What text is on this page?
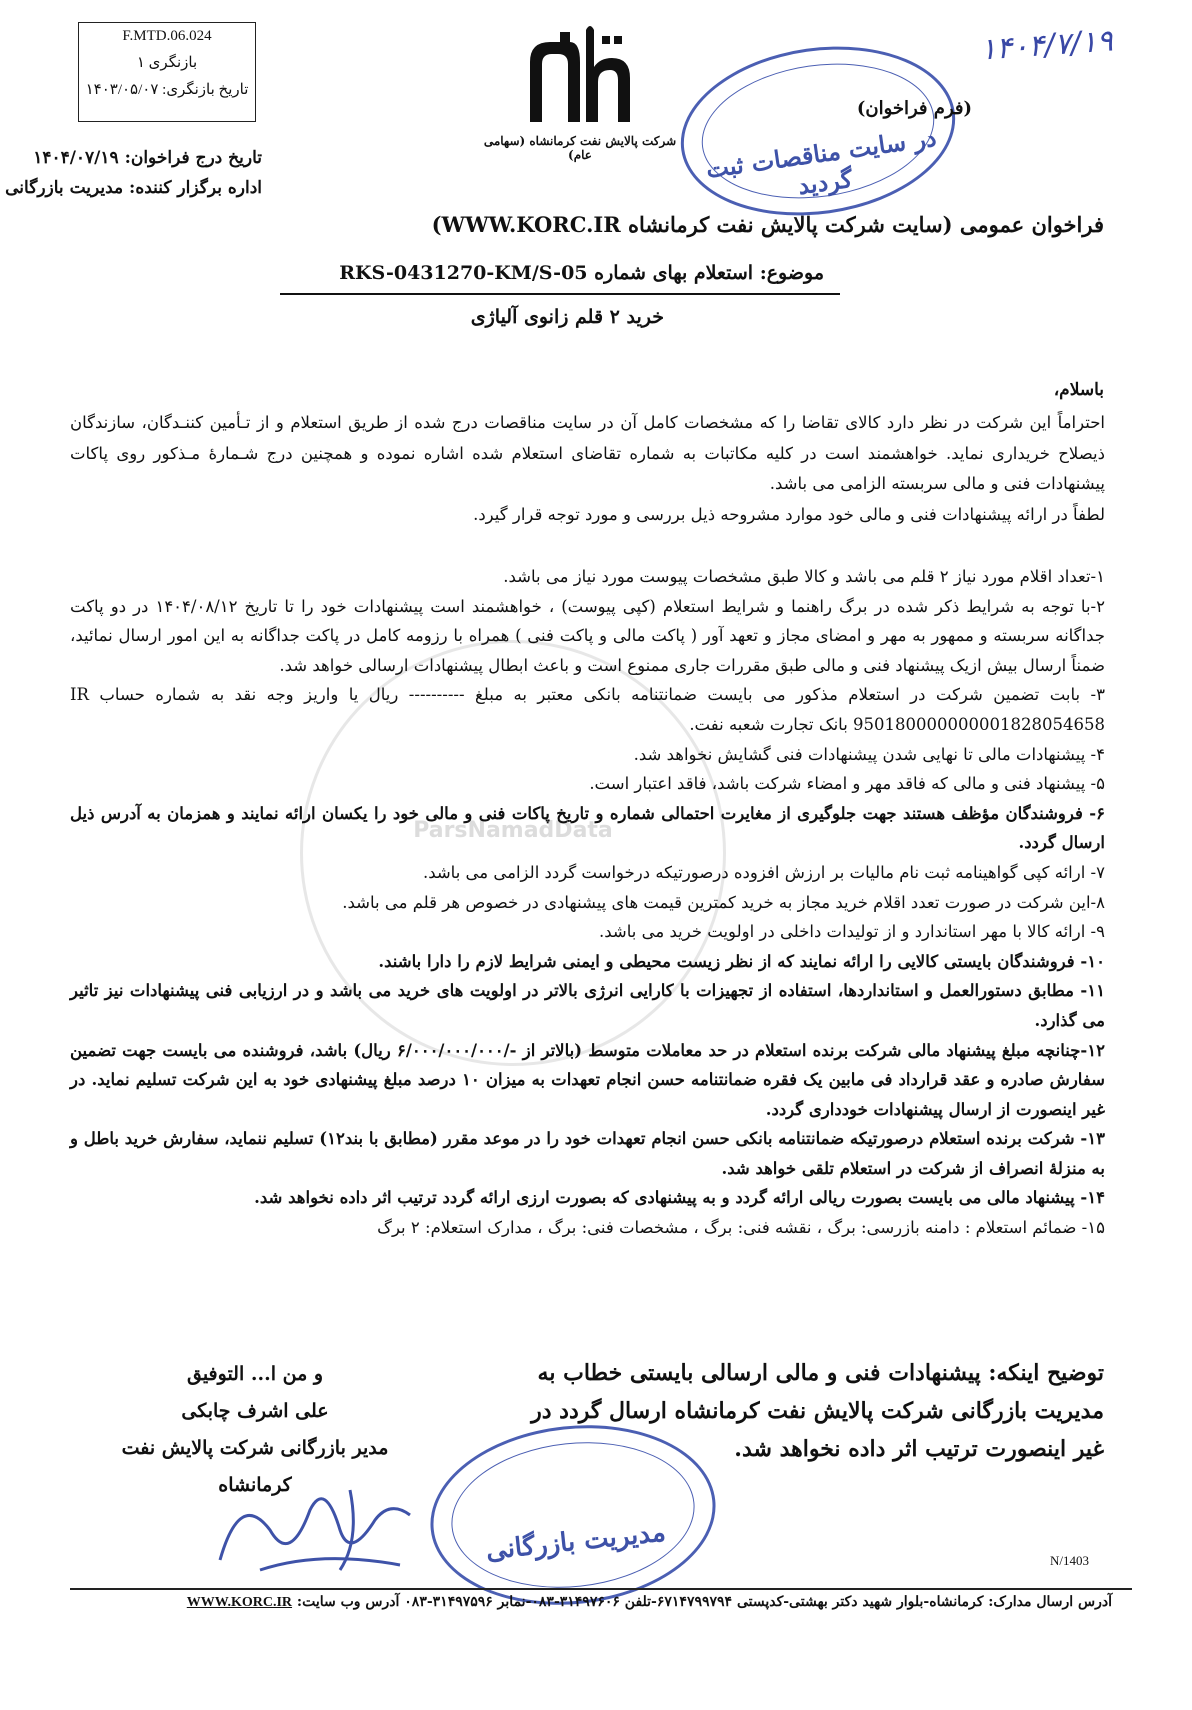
F.MTD.06.024
بازنگری ۱
تاریخ بازنگری: ۱۴۰۳/۰۵/۰۷
شرکت پالایش نفت کرمانشاه (سهامی عام)	در سایت مناقصات ثبت گردید
۱۴۰۴/۷/۱۹
(فرم فراخوان)
تاریخ درج فراخوان: ۱۴۰۴/۰۷/۱۹
اداره برگزار کننده: مدیریت بازرگانی
فراخوان عمومی (سایت شرکت پالایش نفت کرمانشاه WWW.KORC.IR)
موضوع: استعلام بهای شماره RKS-0431270-KM/S-05
خرید ۲ قلم زانوی آلیاژی
باسلام،
ParsNamadData

احتراماً این شرکت در نظر دارد کالای تقاضا را که مشخصات کامل آن در سایت مناقصات درج شده از طریق استعلام و از تـأمین کننـدگان، سازندگان ذیصلاح خریداری نماید. خواهشمند است در کلیه مکاتبات به شماره تقاضای استعلام شده اشاره نموده و همچنین درج شـمارۀ مـذکور روی پاکات پیشنهادات فنی و مالی سربسته الزامی می باشد.

لطفاً در ارائه پیشنهادات فنی و مالی خود موارد مشروحه ذیل بررسی و مورد توجه قرار گیرد.

۱-تعداد اقلام مورد نیاز ۲ قلم می باشد و کالا طبق مشخصات پیوست مورد نیاز می باشد.

۲-با توجه به شرایط ذکر شده در برگ راهنما و شرایط استعلام (کپی پیوست) ، خواهشمند است پیشنهادات خود را تا تاریخ ۱۴۰۴/۰۸/۱۲ در دو پاکت جداگانه سربسته و ممهور به مهر و امضای مجاز و تعهد آور ( پاکت مالی و پاکت فنی ) همراه با رزومه کامل در پاکت جداگانه به این امور ارسال نمائید، ضمناً ارسال بیش ازیک پیشنهاد فنی و مالی طبق مقررات جاری ممنوع است و باعث ابطال پیشنهادات ارسالی خواهد شد.

۳- بابت تضمین شرکت در استعلام مذکور می بایست ضمانتنامه بانکی معتبر به مبلغ ---------- ریال یا واریز وجه نقد به شماره حساب IR 950180000000001828054658 بانک تجارت شعبه نفت.

۴- پیشنهادات مالی تا نهایی شدن پیشنهادات فنی گشایش نخواهد شد.

۵- پیشنهاد فنی و مالی که فاقد مهر و امضاء شرکت باشد، فاقد اعتبار است.

۶- فروشندگان مؤظف هستند جهت جلوگیری از مغایرت احتمالی شماره و تاریخ پاکات فنی و مالی خود را یکسان ارائه نمایند و همزمان به آدرس ذیل ارسال گردد.

۷- ارائه کپی گواهینامه ثبت نام مالیات بر ارزش افزوده درصورتیکه درخواست گردد الزامی می باشد.

۸-این شرکت در صورت تعدد اقلام خرید مجاز به خرید کمترین قیمت های پیشنهادی در خصوص هر قلم می باشد.

۹- ارائه کالا با مهر استاندارد و از تولیدات داخلی در اولویت خرید می باشد.

۱۰- فروشندگان بایستی کالایی را ارائه نمایند که از نظر زیست محیطی و ایمنی شرایط لازم را دارا باشند.

۱۱- مطابق دستورالعمل و استانداردها، استفاده از تجهیزات با کارایی انرژی بالاتر در اولویت های خرید می باشد و در ارزیابی فنی پیشنهادات نیز تاثیر می گذارد.

۱۲-چنانچه مبلغ پیشنهاد مالی شرکت برنده استعلام در حد معاملات متوسط (بالاتر از -/۶/۰۰۰/۰۰۰/۰۰۰ ریال) باشد، فروشنده می بایست جهت تضمین سفارش صادره و عقد قرارداد فی مابین یک فقره ضمانتنامه حسن انجام تعهدات به میزان ۱۰ درصد مبلغ پیشنهادی خود به این شرکت تسلیم نماید. در غیر اینصورت از ارسال پیشنهادات خودداری گردد.

۱۳- شرکت برنده استعلام درصورتیکه ضمانتنامه بانکی حسن انجام تعهدات خود را در موعد مقرر (مطابق با بند۱۲) تسلیم ننماید، سفارش خرید باطل و به منزلۀ انصراف از شرکت در استعلام تلقی خواهد شد.

۱۴- پیشنهاد مالی می بایست بصورت ریالی ارائه گردد و به پیشنهادی که بصورت ارزی ارائه گردد ترتیب اثر داده نخواهد شد.

۱۵- ضمائم استعلام : دامنه بازرسی: برگ ، نقشه فنی: برگ ، مشخصات فنی: برگ ، مدارک استعلام: ۲ برگ

توضیح اینکه: پیشنهادات فنی و مالی ارسالی بایستی خطاب به مدیریت بازرگانی شرکت پالایش نفت کرمانشاه ارسال گردد در غیر اینصورت ترتیب اثر داده نخواهد شد.
و من ا... التوفیق
علی اشرف چابکی
مدیر بازرگانی شرکت پالایش نفت کرمانشاه
مدیریت بازرگانی	N/1403
آدرس ارسال مدارک: کرمانشاه-بلوار شهید دکتر بهشتی-کدپستی ۶۷۱۴۷۹۹۷۹۴-تلفن ۳۱۴۹۷۶۰۶-۰۸۳-نمابر ۳۱۴۹۷۵۹۶-۰۸۳ آدرس وب سایت: WWW.KORC.IR
